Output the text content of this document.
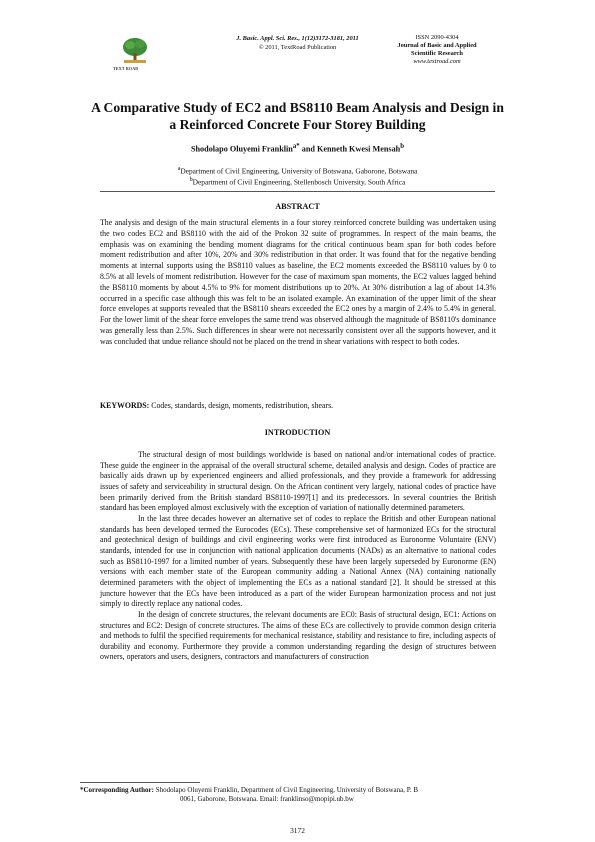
TEXT ROAD
J. Basic. Appl. Sci. Res., 1(12)3172-3181, 2011
© 2011, TextRoad Publication
ISSN 2090-4304
Journal of Basic and Applied
Scientific Research
www.textroad.com
A Comparative Study of EC2 and BS8110 Beam Analysis and Design in
a Reinforced Concrete Four Storey Building
Shodolapo Oluyemi Franklin$^{a*}$ and Kenneth Kwesi Mensah$^b$
$^a$Department of Civil Engineering, University of Botswana, Gaborone, Botswana
$^b$Department of Civil Engineering, Stellenbosch University, South Africa
ABSTRACT

The analysis and design of the main structural elements in a four storey reinforced concrete building was undertaken using the two codes EC2 and BS8110 with the aid of the Prokon 32 suite of programmes. In respect of the main beams, the emphasis was on examining the bending moment diagrams for the critical continuous beam span for both codes before moment redistribution and after 10%, 20% and 30% redistribution in that order. It was found that for the negative bending moments at internal supports using the BS8110 values as baseline, the EC2 moments exceeded the BS8110 values by 0 to 8.5% at all levels of moment redistribution. However for the case of maximum span moments, the EC2 values lagged behind the BS8110 moments by about 4.5% to 9% for moment distributions up to 20%. At 30% distribution a lag of about 14.3% occurred in a specific case although this was felt to be an isolated example. An examination of the upper limit of the shear force envelopes at supports revealed that the BS8110 shears exceeded the EC2 ones by a margin of 2.4% to 5.4% in general. For the lower limit of the shear force envelopes the same trend was observed although the magnitude of BS8110's dominance was generally less than 2.5%. Such differences in shear were not necessarily consistent over all the supports however, and it was concluded that undue reliance should not be placed on the trend in shear variations with respect to both codes.

KEYWORDS: Codes, standards, design, moments, redistribution, shears.
INTRODUCTION

The structural design of most buildings worldwide is based on national and/or international codes of practice. These guide the engineer in the appraisal of the overall structural scheme, detailed analysis and design. Codes of practice are basically aids drawn up by experienced engineers and allied professionals, and they provide a framework for addressing issues of safety and serviceability in structural design. On the African continent very largely, national codes of practice have been primarily derived from the British standard BS8110-1997[1] and its predecessors. In several countries the British standard has been employed almost exclusively with the exception of variation of nationally determined parameters.

In the last three decades however an alternative set of codes to replace the British and other European national standards has been developed termed the Eurocodes (ECs). These comprehensive set of harmonized ECs for the structural and geotechnical design of buildings and civil engineering works were first introduced as Euronorme Voluntaire (ENV) standards, intended for use in conjunction with national application documents (NADs) as an alternative to national codes such as BS8110-1997 for a limited number of years. Subsequently these have been largely superseded by Euronorme (EN) versions with each member state of the European community adding a National Annex (NA) containing nationally determined parameters with the object of implementing the ECs as a national standard [2]. It should be stressed at this juncture however that the ECs have been introduced as a part of the wider European harmonization process and not just simply to directly replace any national codes.

In the design of concrete structures, the relevant documents are EC0: Basis of structural design, EC1: Actions on structures and EC2: Design of concrete structures. The aims of these ECs are collectively to provide common design criteria and methods to fulfil the specified requirements for mechanical resistance, stability and resistance to fire, including aspects of durability and economy. Furthermore they provide a common understanding regarding the design of structures between owners, operators and users, designers, contractors and manufacturers of construction

*Corresponding Author: Shodolapo Oluyemi Franklin, Department of Civil Engineering, University of Botswana, P. B
0061, Gaborone, Botswana. Email: franklinso@mopipi.ub.bw
3172
